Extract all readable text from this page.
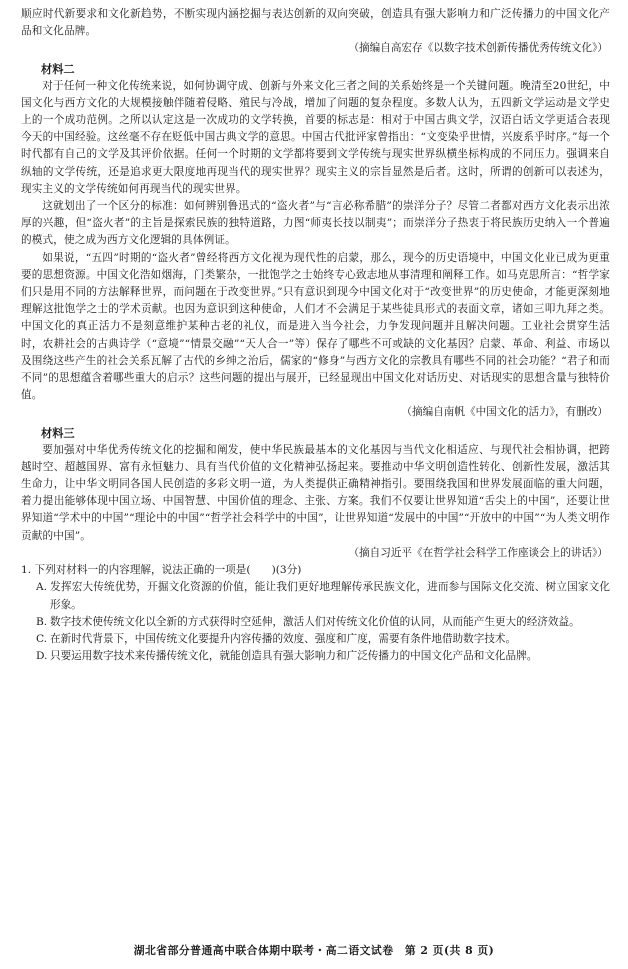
顺应时代新要求和文化新趋势，不断实现内涵挖掘与表达创新的双向突破，创造具有强大影响力和广泛传播力的中国文化产品和文化品牌。

（摘编自高宏存《以数字技术创新传播优秀传统文化》）

材料二

对于任何一种文化传统来说，如何协调守成、创新与外来文化三者之间的关系始终是一个关键问题。晚清至20世纪，中国文化与西方文化的大规模接触伴随着侵略、殖民与冷战，增加了问题的复杂程度。多数人认为，五四新文学运动是文学史上的一个成功范例。之所以认定这是一次成功的文学转换，首要的标志是：相对于中国古典文学，汉语白话文学更适合表现今天的中国经验。这丝毫不存在贬低中国古典文学的意思。中国古代批评家曾指出：“文变染乎世情，兴废系乎时序。”每一个时代都有自己的文学及其评价依据。任何一个时期的文学都将要到文学传统与现实世界纵横坐标构成的不同压力。强调来自纵轴的文学传统，还是追求更大限度地再现当代的现实世界？现实主义的宗旨显然是后者。这时，所谓的创新可以表述为，现实主义的文学传统如何再现当代的现实世界。

这就划出了一个区分的标准：如何辨别鲁迅式的“盗火者”与“言必称希腊”的崇洋分子？尽管二者都对西方文化表示出浓厚的兴趣，但“盗火者”的主旨是探索民族的独特道路，力图“师夷长技以制夷”；而崇洋分子热衷于将民族历史纳入一个普遍的模式，使之成为西方文化逻辑的具体例证。

如果说，“五四”时期的“盗火者”曾经将西方文化视为现代性的启蒙，那么，现今的历史语境中，中国文化业已成为更重要的思想资源。中国文化浩如烟海，门类繁杂，一批饱学之士始终专心致志地从事清理和阐释工作。如马克思所言：“哲学家们只是用不同的方法解释世界，而问题在于改变世界。”只有意识到现今中国文化对于“改变世界”的历史使命，才能更深刻地理解这批饱学之士的学术贡献。也因为意识到这种使命，人们才不会满足于某些徒具形式的表面文章，诸如三叩九拜之类。中国文化的真正活力不是刻意维护某种古老的礼仪，而是进入当今社会，力争发现问题并且解决问题。工业社会贯穿生活时，农耕社会的古典诗学（“意境”“情景交融”“天人合一”等）保存了哪些不可或缺的文化基因？启蒙、革命、利益、市场以及围绕这些产生的社会关系瓦解了古代的乡绅之治后，儒家的“修身”与西方文化的宗教具有哪些不同的社会功能？“君子和而不同”的思想蕴含着哪些重大的启示？这些问题的提出与展开，已经显现出中国文化对话历史、对话现实的思想含量与独特价值。

（摘编自南帆《中国文化的活力》，有删改）

材料三

要加强对中华优秀传统文化的挖掘和阐发，使中华民族最基本的文化基因与当代文化相适应、与现代社会相协调，把跨越时空、超越国界、富有永恒魅力、具有当代价值的文化精神弘扬起来。要推动中华文明创造性转化、创新性发展，激活其生命力，让中华文明同各国人民创造的多彩文明一道，为人类提供正确精神指引。要围绕我国和世界发展面临的重大问题，着力提出能够体现中国立场、中国智慧、中国价值的理念、主张、方案。我们不仅要让世界知道“舌尖上的中国”，还要让世界知道“学术中的中国”“理论中的中国”“哲学社会科学中的中国”，让世界知道“发展中的中国”“开放中的中国”“为人类文明作贡献的中国”。

（摘自习近平《在哲学社会科学工作座谈会上的讲话》）

1. 下列对材料一的内容理解，说法正确的一项是(　　)(3分)

A. 发挥宏大传统优势，开掘文化资源的价值，能让我们更好地理解传承民族文化，进而参与国际文化交流、树立国家文化形象。

B. 数字技术使传统文化以全新的方式获得时空延伸，激活人们对传统文化价值的认同，从而能产生更大的经济效益。

C. 在新时代背景下，中国传统文化要提升内容传播的效度、强度和广度，需要有条件地借助数字技术。

D. 只要运用数字技术来传播传统文化，就能创造具有强大影响力和广泛传播力的中国文化产品和文化品牌。

湖北省部分普通高中联合体期中联考・高二语文试卷　第 2 页(共 8 页)
